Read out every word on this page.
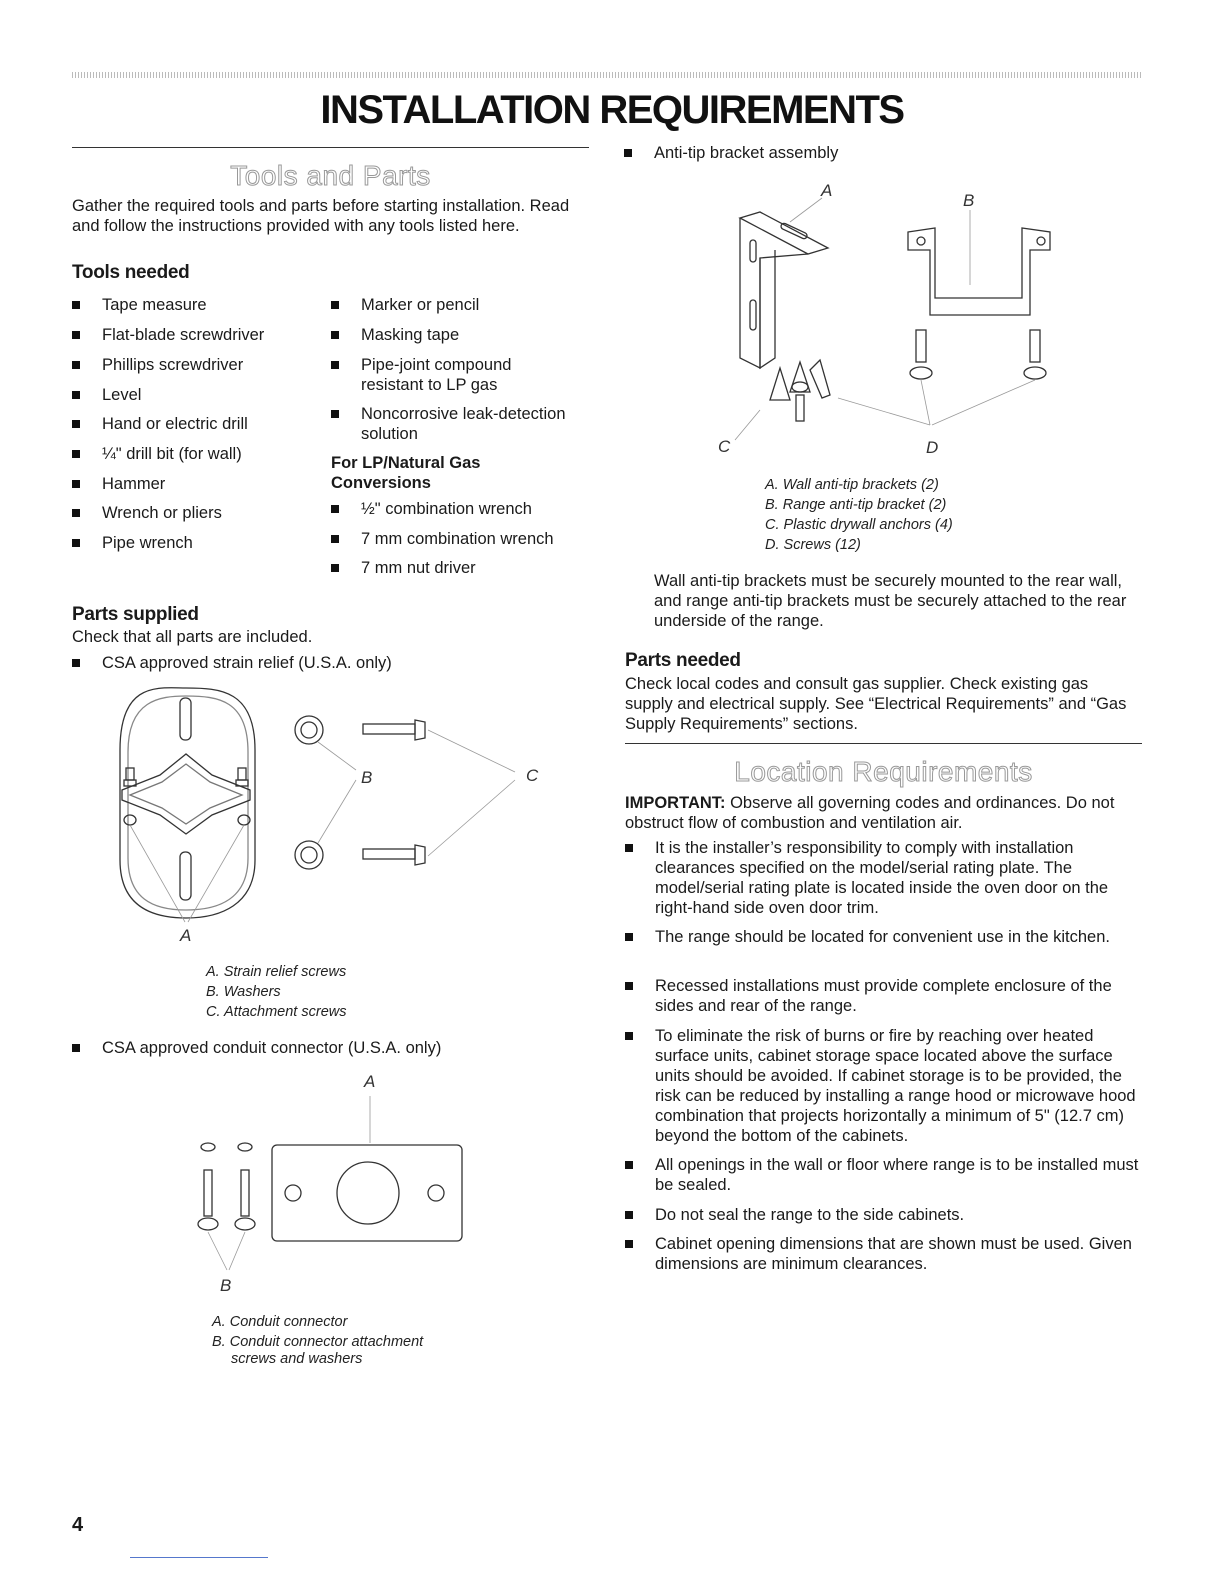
INSTALLATION REQUIREMENTS
Tools and Parts
Gather the required tools and parts before starting installation. Read and follow the instructions provided with any tools listed here.
Tools needed
Tape measure
Flat-blade screwdriver
Phillips screwdriver
Level
Hand or electric drill
¼" drill bit (for wall)
Hammer
Wrench or pliers
Pipe wrench
Marker or pencil
Masking tape
Pipe-joint compound resistant to LP gas
Noncorrosive leak-detection solution
For LP/Natural Gas Conversions
½" combination wrench
7 mm combination wrench
7 mm nut driver
Parts supplied
Check that all parts are included.
CSA approved strain relief (U.S.A. only)
B	C
A
A. Strain relief screws
B. Washers
C. Attachment screws
CSA approved conduit connector (U.S.A. only)
A
B
A. Conduit connector
B. Conduit connector attachment
screws and washers
Anti-tip bracket assembly
A
B
C	D
A. Wall anti-tip brackets (2)
B. Range anti-tip bracket (2)
C. Plastic drywall anchors (4)
D. Screws (12)
Wall anti-tip brackets must be securely mounted to the rear wall, and range anti-tip brackets must be securely attached to the rear underside of the range.
Parts needed
Check local codes and consult gas supplier. Check existing gas supply and electrical supply. See “Electrical Requirements” and “Gas Supply Requirements” sections.
Location Requirements
IMPORTANT: Observe all governing codes and ordinances. Do not obstruct flow of combustion and ventilation air.
It is the installer’s responsibility to comply with installation clearances specified on the model/serial rating plate. The model/serial rating plate is located inside the oven door on the right-hand side oven door trim.
The range should be located for convenient use in the kitchen.
Recessed installations must provide complete enclosure of the sides and rear of the range.
To eliminate the risk of burns or fire by reaching over heated surface units, cabinet storage space located above the surface units should be avoided. If cabinet storage is to be provided, the risk can be reduced by installing a range hood or microwave hood combination that projects horizontally a minimum of 5" (12.7 cm) beyond the bottom of the cabinets.
All openings in the wall or floor where range is to be installed must be sealed.
Do not seal the range to the side cabinets.
Cabinet opening dimensions that are shown must be used. Given dimensions are minimum clearances.
4
